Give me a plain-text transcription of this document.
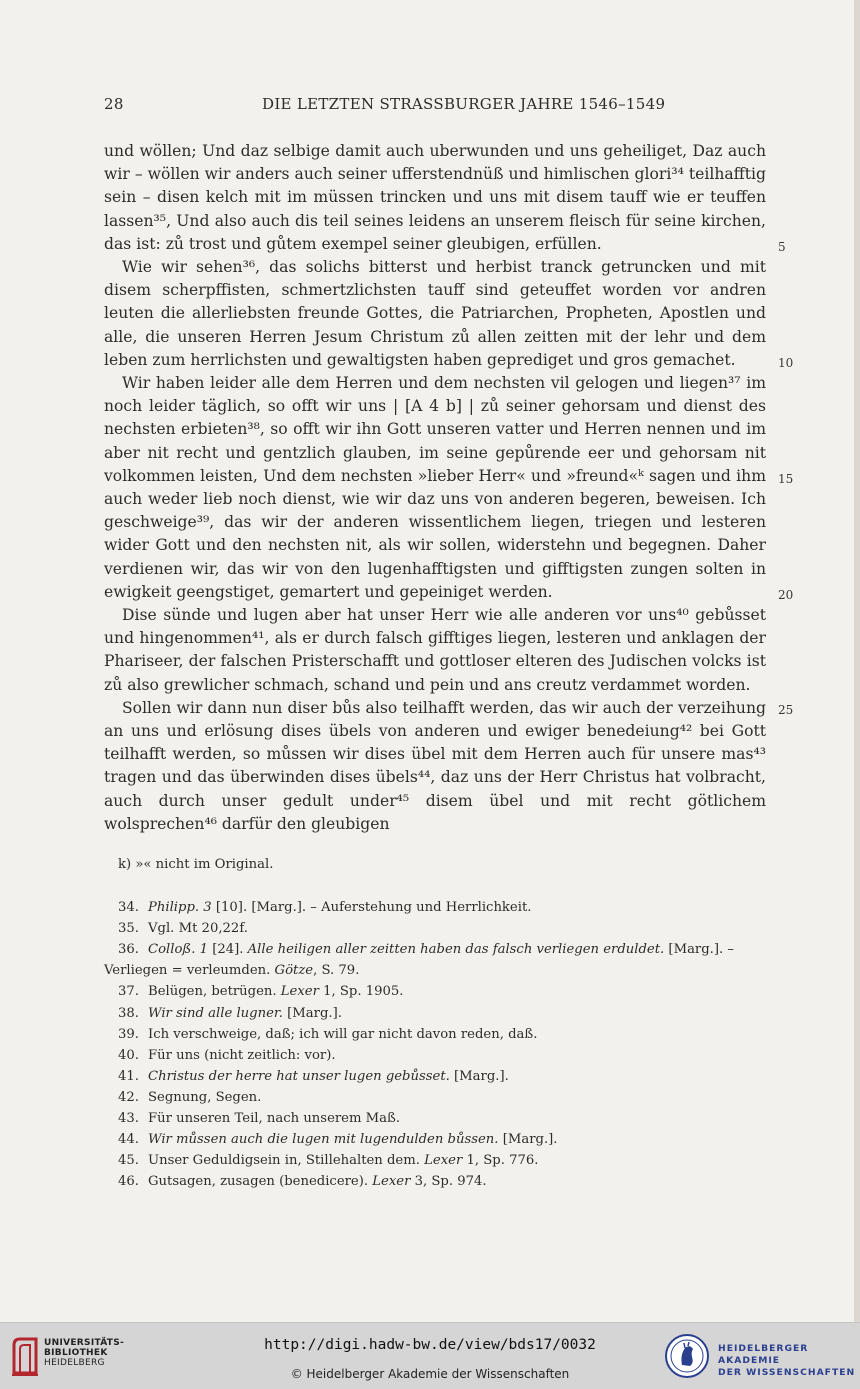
28	DIE LETZTEN STRASSBURGER JAHRE 1546–1549

und wöllen; Und daz selbige damit auch uberwunden und uns geheiliget, Daz auch wir – wöllen wir anders auch seiner ufferstendnüß und himlischen glori³⁴ teilhafftig sein – disen kelch mit im müssen trincken und uns mit disem tauff wie er teuffen lassen³⁵, Und also auch dis teil seines leidens an unserem fleisch für seine kirchen, das ist: zů trost und gůtem exempel seiner gleubigen, erfüllen.

Wie wir sehen³⁶, das solichs bitterst und herbist tranck getruncken und mit disem scherpffisten, schmertzlichsten tauff sind geteuffet worden vor andren leuten die allerliebsten freunde Gottes, die Patriarchen, Propheten, Apostlen und alle, die unseren Herren Jesum Christum zů allen zeitten mit der lehr und dem leben zum herrlichsten und gewaltigsten haben geprediget und gros gemachet.

Wir haben leider alle dem Herren und dem nechsten vil gelogen und liegen³⁷ im noch leider täglich, so offt wir uns | [A 4 b] | zů seiner gehorsam und dienst des nechsten erbieten³⁸, so offt wir ihn Gott unseren vatter und Herren nennen und im aber nit recht und gentzlich glauben, im seine gepůrende eer und gehorsam nit volkommen leisten, Und dem nechsten »lieber Herr« und »freund«ᵏ sagen und ihm auch weder lieb noch dienst, wie wir daz uns von anderen begeren, beweisen. Ich geschweige³⁹, das wir der anderen wissentlichem liegen, triegen und lesteren wider Gott und den nechsten nit, als wir sollen, widerstehn und begegnen. Daher verdienen wir, das wir von den lugenhafftigsten und gifftigsten zungen solten in ewigkeit geengstiget, gemartert und gepeiniget werden.

Dise sünde und lugen aber hat unser Herr wie alle anderen vor uns⁴⁰ gebůsset und hingenommen⁴¹, als er durch falsch gifftiges liegen, lesteren und anklagen der Phariseer, der falschen Pristerschafft und gottloser elteren des Judischen volcks ist zů also grewlicher schmach, schand und pein und ans creutz verdammet worden.

Sollen wir dann nun diser bůs also teilhafft werden, das wir auch der verzeihung an uns und erlösung dises übels von anderen und ewiger benedeiung⁴² bei Gott teilhafft werden, so můssen wir dises übel mit dem Herren auch für unsere mas⁴³ tragen und das überwinden dises übels⁴⁴, daz uns der Herr Christus hat volbracht, auch durch unser gedult under⁴⁵ disem übel und mit recht götlichem wolsprechen⁴⁶ darfür den gleubigen

5
10
15
20
25
k) »« nicht im Original.
34. Philipp. 3 [10]. [Marg.]. – Auferstehung und Herrlichkeit.
35. Vgl. Mt 20,22f.
36. Colloß. 1 [24]. Alle heiligen aller zeitten haben das falsch verliegen erduldet. [Marg.]. – Verliegen = verleumden. Götze, S. 79.
37. Belügen, betrügen. Lexer 1, Sp. 1905.
38. Wir sind alle lugner. [Marg.].
39. Ich verschweige, daß; ich will gar nicht davon reden, daß.
40. Für uns (nicht zeitlich: vor).
41. Christus der herre hat unser lugen gebůsset. [Marg.].
42. Segnung, Segen.
43. Für unseren Teil, nach unserem Maß.
44. Wir můssen auch die lugen mit lugendulden bůssen. [Marg.].
45. Unser Geduldigsein in, Stillehalten dem. Lexer 1, Sp. 776.
46. Gutsagen, zusagen (benedicere). Lexer 3, Sp. 974.
UNIVERSITÄTS-
BIBLIOTHEK
HEIDELBERG
http://digi.hadw-bw.de/view/bds17/0032
© Heidelberger Akademie der Wissenschaften
HEIDELBERGER AKADEMIE
DER WISSENSCHAFTEN
